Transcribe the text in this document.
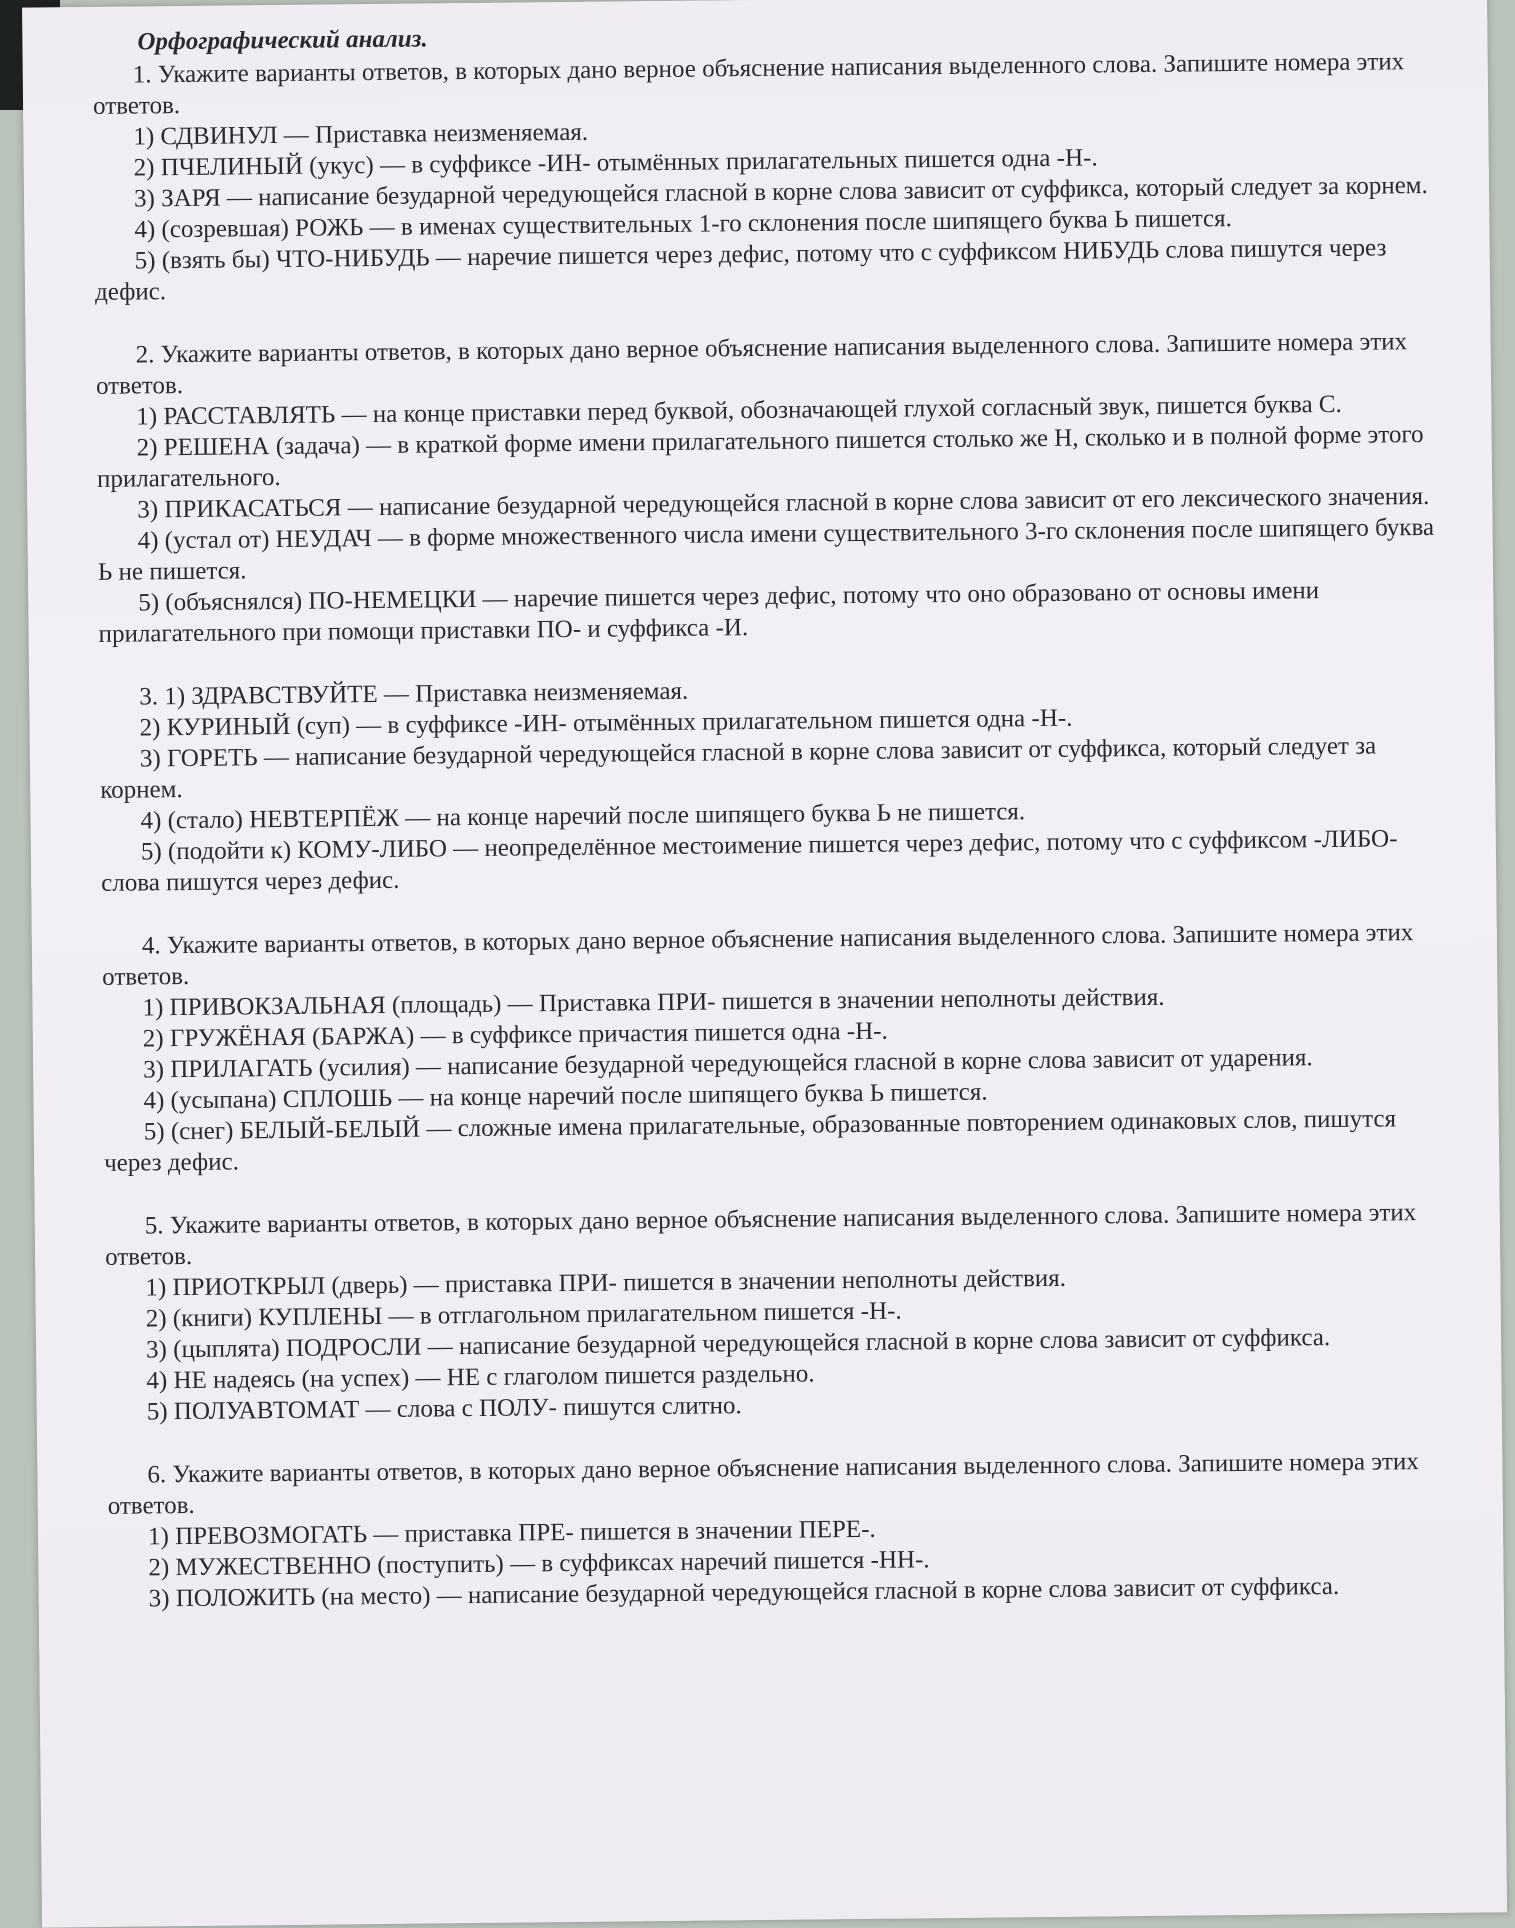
Орфографический анализ.

1. Укажите варианты ответов, в которых дано верное объяснение написания выделенного слова. Запишите номера этих ответов.

1) СДВИНУЛ — Приставка неизменяемая.

2) ПЧЕЛИНЫЙ (укус) — в суффиксе -ИН- отымённых прилагательных пишется одна -Н-.

3) ЗАРЯ — написание безударной чередующейся гласной в корне слова зависит от суффикса, который следует за корнем.

4) (созревшая) РОЖЬ — в именах существительных 1-го склонения после шипящего буква Ь пишется.

5) (взять бы) ЧТО-НИБУДЬ — наречие пишется через дефис, потому что с суффиксом НИБУДЬ слова пишутся через дефис.

2. Укажите варианты ответов, в которых дано верное объяснение написания выделенного слова. Запишите номера этих ответов.

1) РАССТАВЛЯТЬ — на конце приставки перед буквой, обозначающей глухой согласный звук, пишется буква С.

2) РЕШЕНА (задача) — в краткой форме имени прилагательного пишется столько же Н, сколько и в полной форме этого прилагательного.

3) ПРИКАСАТЬСЯ — написание безударной чередующейся гласной в корне слова зависит от его лексического значения.

4) (устал от) НЕУДАЧ — в форме множественного числа имени существительного 3-го склонения после шипящего буква Ь не пишется.

5) (объяснялся) ПО-НЕМЕЦКИ — наречие пишется через дефис, потому что оно образовано от основы имени прилагательного при помощи приставки ПО- и суффикса -И.

3. 1) ЗДРАВСТВУЙТЕ — Приставка неизменяемая.

2) КУРИНЫЙ (суп) — в суффиксе -ИН- отымённых прилагательном пишется одна -Н-.

3) ГОРЕТЬ — написание безударной чередующейся гласной в корне слова зависит от суффикса, который следует за корнем.

4) (стало) НЕВТЕРПЁЖ — на конце наречий после шипящего буква Ь не пишется.

5) (подойти к) КОМУ-ЛИБО — неопределённое местоимение пишется через дефис, потому что с суффиксом -ЛИБО- слова пишутся через дефис.

4. Укажите варианты ответов, в которых дано верное объяснение написания выделенного слова. Запишите номера этих ответов.

1) ПРИВОКЗАЛЬНАЯ (площадь) — Приставка ПРИ- пишется в значении неполноты действия.

2) ГРУЖЁНАЯ (БАРЖА) — в суффиксе причастия пишется одна -Н-.

3) ПРИЛАГАТЬ (усилия) — написание безударной чередующейся гласной в корне слова зависит от ударения.

4) (усыпана) СПЛОШЬ — на конце наречий после шипящего буква Ь пишется.

5) (снег) БЕЛЫЙ-БЕЛЫЙ — сложные имена прилагательные, образованные повторением одинаковых слов, пишутся через дефис.

5. Укажите варианты ответов, в которых дано верное объяснение написания выделенного слова. Запишите номера этих ответов.

1) ПРИОТКРЫЛ (дверь) — приставка ПРИ- пишется в значении неполноты действия.

2) (книги) КУПЛЕНЫ — в отглагольном прилагательном пишется -Н-.

3) (цыплята) ПОДРОСЛИ — написание безударной чередующейся гласной в корне слова зависит от суффикса.

4) НЕ надеясь (на успех) — НЕ с глаголом пишется раздельно.

5) ПОЛУАВТОМАТ — слова с ПОЛУ- пишутся слитно.

6. Укажите варианты ответов, в которых дано верное объяснение написания выделенного слова. Запишите номера этих ответов.

1) ПРЕВОЗМОГАТЬ — приставка ПРЕ- пишется в значении ПЕРЕ-.

2) МУЖЕСТВЕННО (поступить) — в суффиксах наречий пишется -НН-.

3) ПОЛОЖИТЬ (на место) — написание безударной чередующейся гласной в корне слова зависит от суффикса.
